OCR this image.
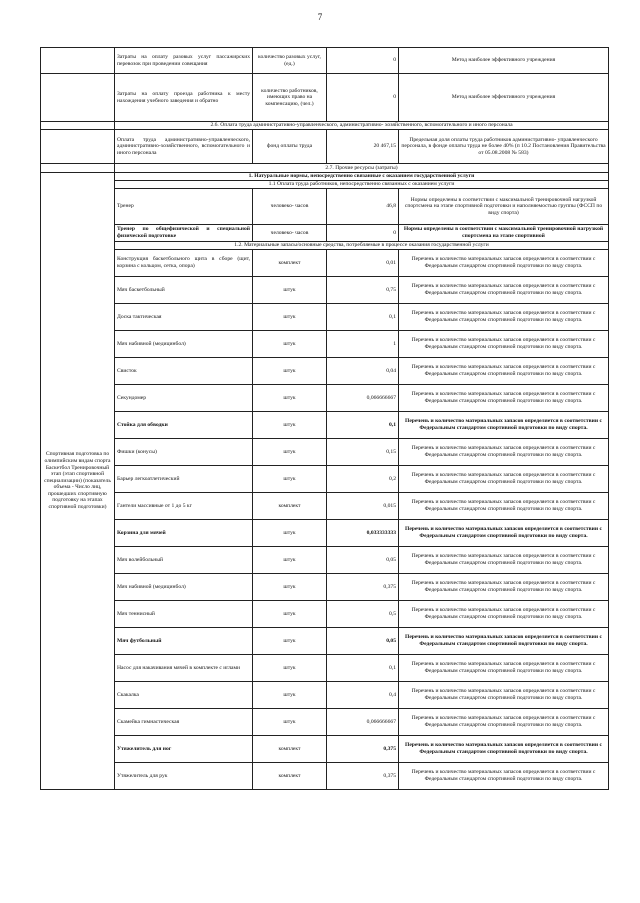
7
	Затраты на оплату разовых услуг пассажирских перевозок при проведении совещания	количество разовых услуг, (ед.)	0	Метод наиболее эффективного учреждения
	Затраты на оплату проезда работника к месту нахождения учебного заведения и обратно	количество работников, имеющих право на компенсацию, (чел.)	0	Метод наиболее эффективного учреждения
	2.6. Оплата труда административно-управленческого, административно- хозяйственного, вспомогательного и иного персонала			
	Оплата труда административно-управленческого, административно-хозяйственного, вспомогательного и иного персонала	фонд оплаты труда	20 467,15	Предельная доля оплаты труда работников административно- управленческого персонала, в фонде оплаты труда не более 40% (п 10.2 Постановления Правительства от 05.08.2008 № 583)
	2.7. Прочие ресурсы (затраты)			
Спортивная подготовка по олимпийским видам спорта Баскетбол Тренировочный этап (этап спортивной специализации) (показатель объема - Число лиц, прошедших спортивную подготовку на этапах спортивной подготовки)	1. Натуральные нормы, непосредственно связанные с оказанием государственной услуги			
	1.1 Оплата труда работников, непосредственно связанных с оказанием услуги			
	Тренер	человеко- часов	46,8	Нормы определены в соответствии с максимальной тренировочной нагрузкой спортсмена на этапе спортивной подготовки и наполняемостью группы (ФССП по виду спорта)
	Тренер по общефизической и специальной физической подготовке	человеко- часов	0	Нормы определены в соответствии с максимальной тренировочной нагрузкой спортсмена на этапе спортивной
	1.2. Материальные запасы/основные средства, потребляемые в процессе оказания государственной услуги			
	Конструкция баскетбольного щита в сборе (щит, корзина с кольцом, сетка, опора)	комплект	0,01	Перечень и количество материальных запасов определяется в соответствии с Федеральным стандартом спортивной подготовки по виду спорта.
	Мяч баскетбольный	штук	0,75	Перечень и количество материальных запасов определяется в соответствии с Федеральным стандартом спортивной подготовки по виду спорта.
	Доска тактическая	штук	0,1	Перечень и количество материальных запасов определяется в соответствии с Федеральным стандартом спортивной подготовки по виду спорта.
	Мяч набивной (медицинбол)	штук	1	Перечень и количество материальных запасов определяется в соответствии с Федеральным стандартом спортивной подготовки по виду спорта.
	Свисток	штук	0,04	Перечень и количество материальных запасов определяется в соответствии с Федеральным стандартом спортивной подготовки по виду спорта.
	Секундомер	штук	0,066666667	Перечень и количество материальных запасов определяется в соответствии с Федеральным стандартом спортивной подготовки по виду спорта.
	Стойка для обводки	штук	0,1	Перечень и количество материальных запасов определяется в соответствии с Федеральным стандартом спортивной подготовки по виду спорта.
	Фишки (конусы)	штук	0,15	Перечень и количество материальных запасов определяется в соответствии с Федеральным стандартом спортивной подготовки по виду спорта.
	Барьер легкоатлетический	штук	0,2	Перечень и количество материальных запасов определяется в соответствии с Федеральным стандартом спортивной подготовки по виду спорта.
	Гантели массивные от 1 до 5 кг	комплект	0,015	Перечень и количество материальных запасов определяется в соответствии с Федеральным стандартом спортивной подготовки по виду спорта.
	Корзина для мячей	штук	0,033333333	Перечень и количество материальных запасов определяется в соответствии с Федеральным стандартом спортивной подготовки по виду спорта.
	Мяч волейбольный	штук	0,05	Перечень и количество материальных запасов определяется в соответствии с Федеральным стандартом спортивной подготовки по виду спорта.
	Мяч набивной (медицинбол)	штук	0,375	Перечень и количество материальных запасов определяется в соответствии с Федеральным стандартом спортивной подготовки по виду спорта.
	Мяч теннисный	штук	0,5	Перечень и количество материальных запасов определяется в соответствии с Федеральным стандартом спортивной подготовки по виду спорта.
	Мяч футбольный	штук	0,05	Перечень и количество материальных запасов определяется в соответствии с Федеральным стандартом спортивной подготовки по виду спорта.
	Насос для накачивания мячей в комплекте с иглами	штук	0,1	Перечень и количество материальных запасов определяется в соответствии с Федеральным стандартом спортивной подготовки по виду спорта.
	Скакалка	штук	0,4	Перечень и количество материальных запасов определяется в соответствии с Федеральным стандартом спортивной подготовки по виду спорта.
	Скамейка гимнастическая	штук	0,066666667	Перечень и количество материальных запасов определяется в соответствии с Федеральным стандартом спортивной подготовки по виду спорта.
	Утяжелитель для ног	комплект	0,375	Перечень и количество материальных запасов определяется в соответствии с Федеральным стандартом спортивной подготовки по виду спорта.
	Утяжелитель для рук	комплект	0,375	Перечень и количество материальных запасов определяется в соответствии с Федеральным стандартом спортивной подготовки по виду спорта.
